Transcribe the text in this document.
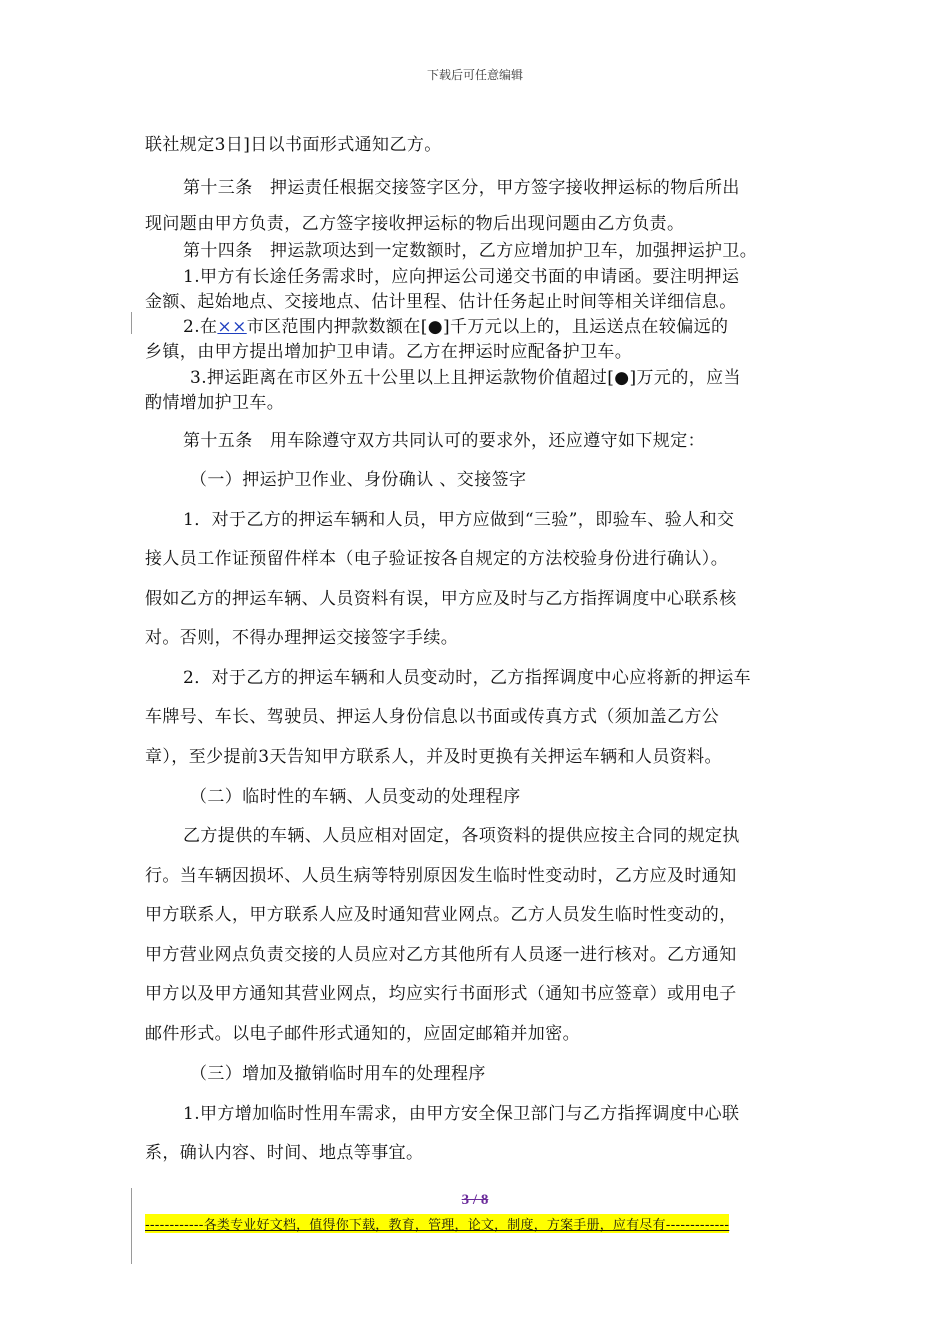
下载后可任意编辑
联社规定3日]日以书面形式通知乙方。
第十三条　押运责任根据交接签字区分，甲方签字接收押运标的物后所出
现问题由甲方负责，乙方签字接收押运标的物后出现问题由乙方负责。
第十四条　押运款项达到一定数额时，乙方应增加护卫车，加强押运护卫。
1.甲方有长途任务需求时，应向押运公司递交书面的申请函。要注明押运
金额、起始地点、交接地点、估计里程、估计任务起止时间等相关详细信息。
2.在××市区范围内押款数额在[●]千万元以上的，且运送点在较偏远的
乡镇，由甲方提出增加护卫申请。乙方在押运时应配备护卫车。
3.押运距离在市区外五十公里以上且押运款物价值超过[●]万元的，应当
酌情增加护卫车。
第十五条　用车除遵守双方共同认可的要求外，还应遵守如下规定：
（一）押运护卫作业、身份确认 、交接签字
1．对于乙方的押运车辆和人员，甲方应做到“三验”，即验车、验人和交
接人员工作证预留件样本（电子验证按各自规定的方法校验身份进行确认）。
假如乙方的押运车辆、人员资料有误，甲方应及时与乙方指挥调度中心联系核
对。否则，不得办理押运交接签字手续。
2．对于乙方的押运车辆和人员变动时，乙方指挥调度中心应将新的押运车
车牌号、车长、驾驶员、押运人身份信息以书面或传真方式（须加盖乙方公
章），至少提前3天告知甲方联系人，并及时更换有关押运车辆和人员资料。
（二）临时性的车辆、人员变动的处理程序
乙方提供的车辆、人员应相对固定，各项资料的提供应按主合同的规定执
行。当车辆因损坏、人员生病等特别原因发生临时性变动时，乙方应及时通知
甲方联系人，甲方联系人应及时通知营业网点。乙方人员发生临时性变动的，
甲方营业网点负责交接的人员应对乙方其他所有人员逐一进行核对。乙方通知
甲方以及甲方通知其营业网点，均应实行书面形式（通知书应签章）或用电子
邮件形式。以电子邮件形式通知的，应固定邮箱并加密。
（三）增加及撤销临时用车的处理程序
1.甲方增加临时性用车需求，由甲方安全保卫部门与乙方指挥调度中心联
系，确认内容、时间、地点等事宜。
3 / 8
------------各类专业好文档，值得你下载，教育，管理，论文，制度，方案手册，应有尽有-------------
